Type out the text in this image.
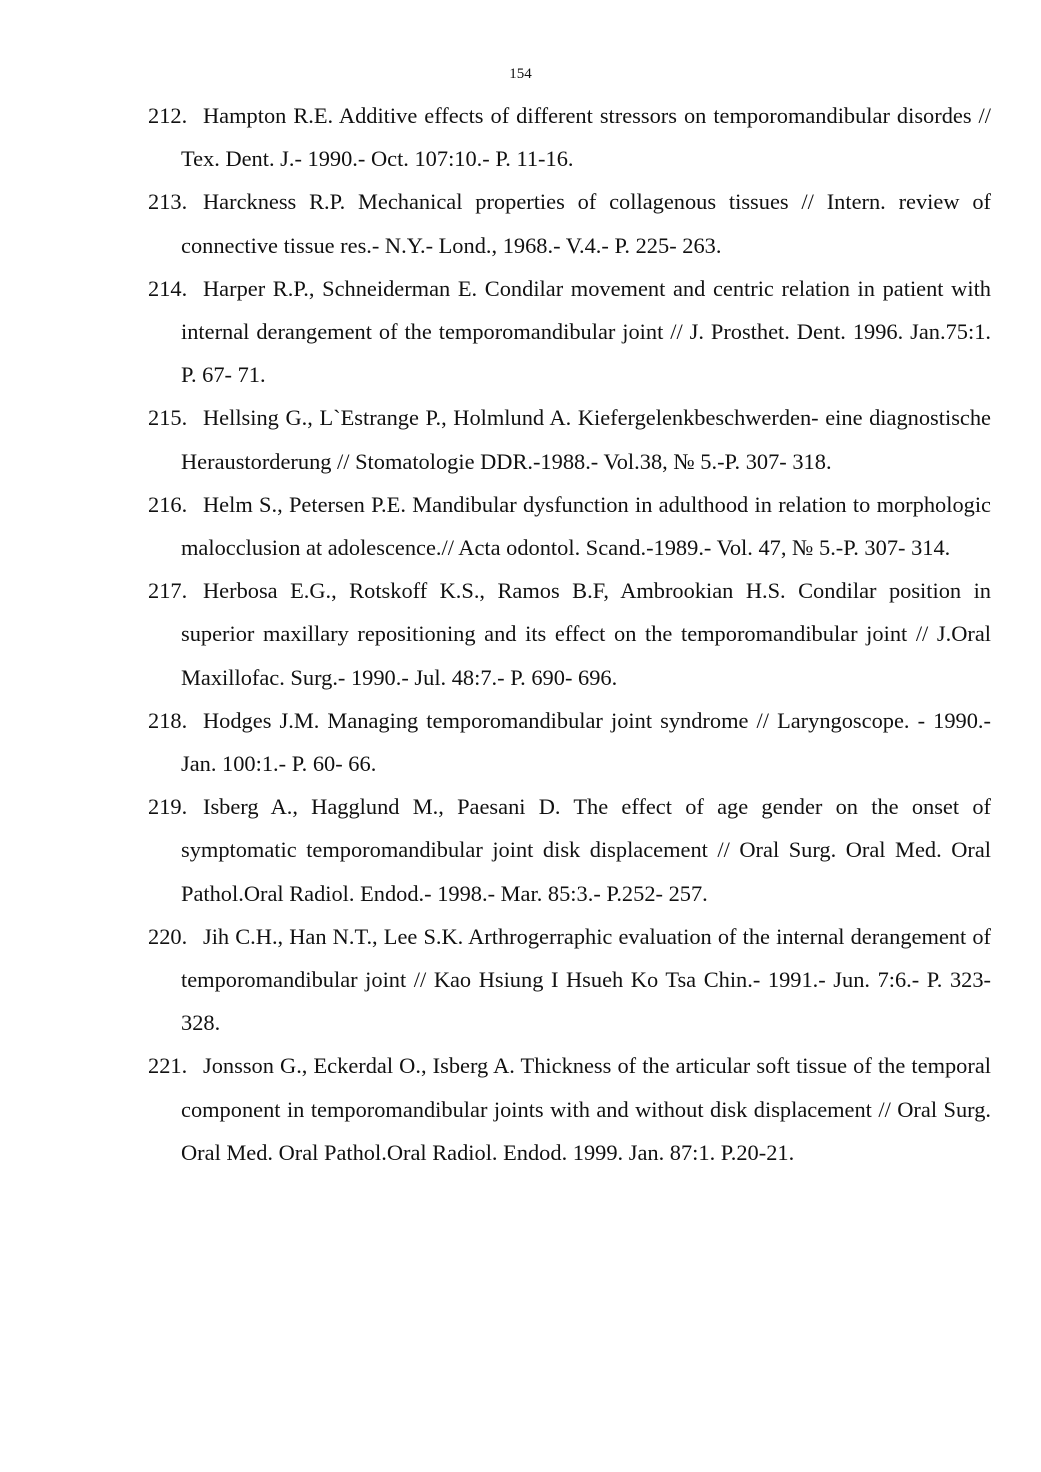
154

212. Hampton R.E. Additive effects of different stressors on temporomandibular disordes // Tex. Dent. J.- 1990.- Oct. 107:10.- P. 11-16.

213. Harckness R.P. Mechanical properties of collagenous tissues // Intern. review of connective tissue res.- N.Y.- Lond., 1968.- V.4.- P. 225- 263.

214. Harper R.P., Schneiderman E. Condilar movement and centric relation in patient with internal derangement of the temporomandibular joint // J. Prosthet. Dent. 1996. Jan.75:1. P. 67- 71.

215. Hellsing G., L`Estrange P., Holmlund A. Kiefergelenkbeschwerden- eine diagnostische Heraustorderung // Stomatologie DDR.-1988.- Vol.38, № 5.-P. 307- 318.

216. Helm S., Petersen P.E. Mandibular dysfunction in adulthood in relation to morphologic malocclusion at adolescence.// Acta odontol. Scand.-1989.- Vol. 47, № 5.-P. 307- 314.

217. Herbosa E.G., Rotskoff K.S., Ramos B.F, Ambrookian H.S. Condilar position in superior maxillary repositioning and its effect on the temporomandibular joint // J.Oral Maxillofac. Surg.- 1990.- Jul. 48:7.- P. 690- 696.

218. Hodges J.M. Managing temporomandibular joint syndrome // Laryngoscope. - 1990.- Jan. 100:1.- P. 60- 66.

219. Isberg A., Hagglund M., Paesani D. The effect of age gender on the onset of symptomatic temporomandibular joint disk displacement // Oral Surg. Oral Med. Oral Pathol.Oral Radiol. Endod.- 1998.- Mar. 85:3.- P.252- 257.

220. Jih C.H., Han N.T., Lee S.K. Arthrogerraphic evaluation of the internal derangement of temporomandibular joint // Kao Hsiung I Hsueh Ko Tsa Chin.- 1991.- Jun. 7:6.- P. 323- 328.

221. Jonsson G., Eckerdal O., Isberg A. Thickness of the articular soft tissue of the temporal component in temporomandibular joints with and without disk displacement // Oral Surg. Oral Med. Oral Pathol.Oral Radiol. Endod. 1999. Jan. 87:1. P.20-21.
